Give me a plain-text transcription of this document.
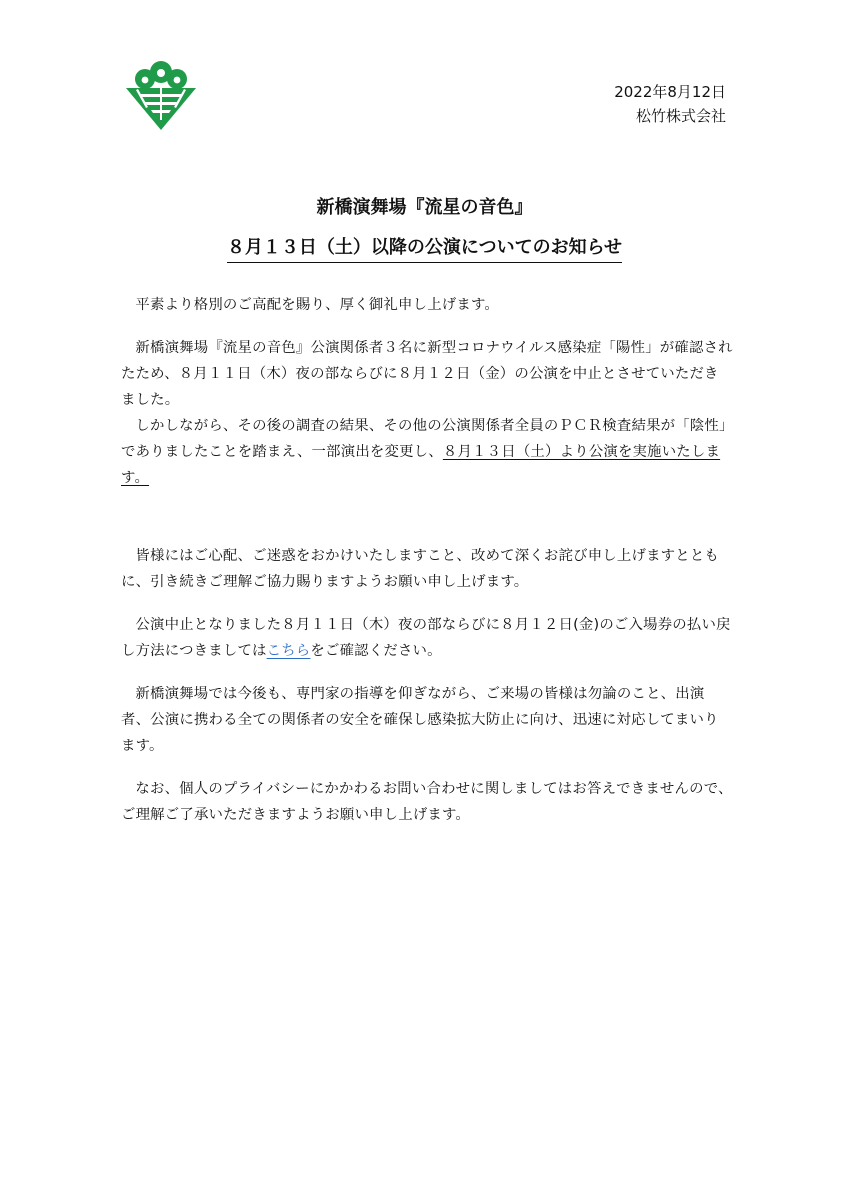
2022年8月12日
松竹株式会社
新橋演舞場『流星の音色』
８月１３日（土）以降の公演についてのお知らせ

平素より格別のご高配を賜り、厚く御礼申し上げます。

新橋演舞場『流星の音色』公演関係者３名に新型コロナウイルス感染症「陽性」が確認されたため、８月１１日（木）夜の部ならびに８月１２日（金）の公演を中止とさせていただきました。

しかしながら、その後の調査の結果、その他の公演関係者全員のＰＣＲ検査結果が「陰性」でありましたことを踏まえ、一部演出を変更し、８月１３日（土）より公演を実施いたします。

皆様にはご心配、ご迷惑をおかけいたしますこと、改めて深くお詫び申し上げますとともに、引き続きご理解ご協力賜りますようお願い申し上げます。

公演中止となりました８月１１日（木）夜の部ならびに８月１２日(金)のご入場券の払い戻し方法につきましてはこちらをご確認ください。

新橋演舞場では今後も、専門家の指導を仰ぎながら、ご来場の皆様は勿論のこと、出演者、公演に携わる全ての関係者の安全を確保し感染拡大防止に向け、迅速に対応してまいります。

なお、個人のプライバシーにかかわるお問い合わせに関しましてはお答えできませんので、ご理解ご了承いただきますようお願い申し上げます。
